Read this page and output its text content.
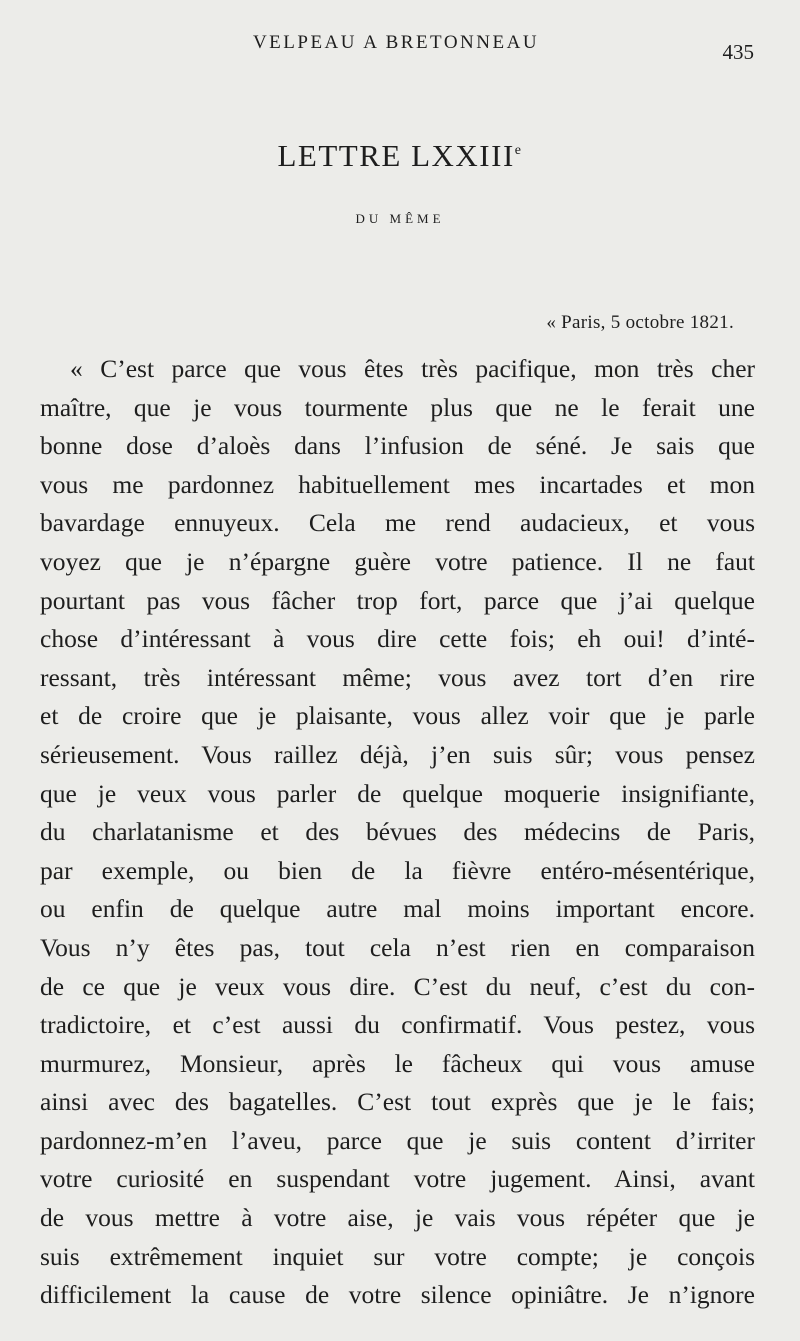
VELPEAU A BRETONNEAU	435
LETTRE LXXIIIe
DU MÊME
« Paris, 5 octobre 1821.
« C’est parce que vous êtes très pacifique, mon très cher
maître, que je vous tourmente plus que ne le ferait une
bonne dose d’aloès dans l’infusion de séné. Je sais que
vous me pardonnez habituellement mes incartades et mon
bavardage ennuyeux. Cela me rend audacieux, et vous
voyez que je n’épargne guère votre patience. Il ne faut
pourtant pas vous fâcher trop fort, parce que j’ai quelque
chose d’intéressant à vous dire cette fois; eh oui! d’inté-
ressant, très intéressant même; vous avez tort d’en rire
et de croire que je plaisante, vous allez voir que je parle
sérieusement. Vous raillez déjà, j’en suis sûr; vous pensez
que je veux vous parler de quelque moquerie insignifiante,
du charlatanisme et des bévues des médecins de Paris,
par exemple, ou bien de la fièvre entéro-mésentérique,
ou enfin de quelque autre mal moins important encore.
Vous n’y êtes pas, tout cela n’est rien en comparaison
de ce que je veux vous dire. C’est du neuf, c’est du con-
tradictoire, et c’est aussi du confirmatif. Vous pestez, vous
murmurez, Monsieur, après le fâcheux qui vous amuse
ainsi avec des bagatelles. C’est tout exprès que je le fais;
pardonnez-m’en l’aveu, parce que je suis content d’irriter
votre curiosité en suspendant votre jugement. Ainsi, avant
de vous mettre à votre aise, je vais vous répéter que je
suis extrêmement inquiet sur votre compte; je conçois
difficilement la cause de votre silence opiniâtre. Je n’ignore
